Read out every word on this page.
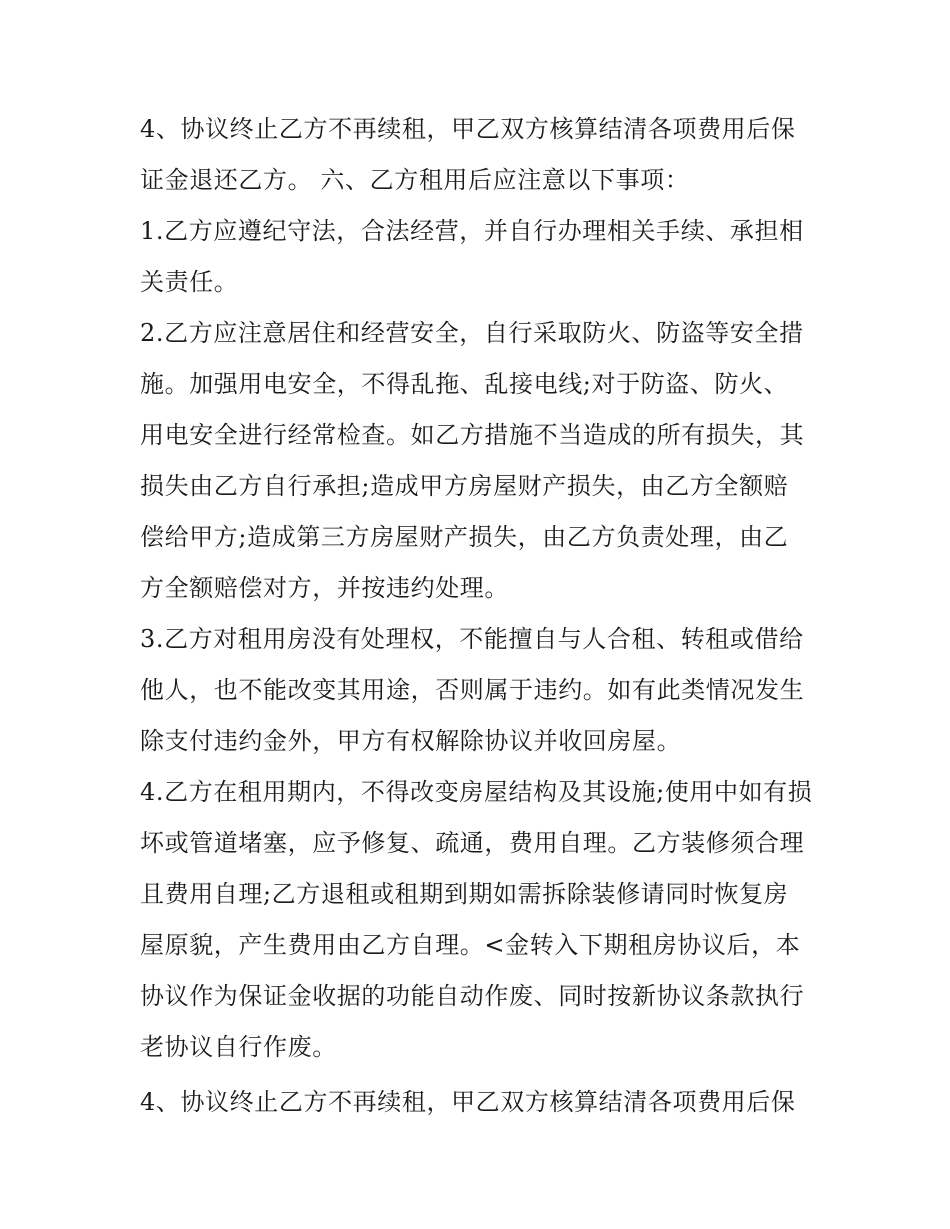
4、协议终止乙方不再续租，甲乙双方核算结清各项费用后保
证金退还乙方。 六、乙方租用后应注意以下事项：
1.乙方应遵纪守法，合法经营，并自行办理相关手续、承担相
关责任。
2.乙方应注意居住和经营安全，自行采取防火、防盗等安全措
施。加强用电安全，不得乱拖、乱接电线;对于防盗、防火、
用电安全进行经常检查。如乙方措施不当造成的所有损失，其
损失由乙方自行承担;造成甲方房屋财产损失，由乙方全额赔
偿给甲方;造成第三方房屋财产损失，由乙方负责处理，由乙
方全额赔偿对方，并按违约处理。
3.乙方对租用房没有处理权，不能擅自与人合租、转租或借给
他人，也不能改变其用途，否则属于违约。如有此类情况发生
除支付违约金外，甲方有权解除协议并收回房屋。
4.乙方在租用期内，不得改变房屋结构及其设施;使用中如有损
坏或管道堵塞，应予修复、疏通，费用自理。乙方装修须合理
且费用自理;乙方退租或租期到期如需拆除装修请同时恢复房
屋原貌，产生费用由乙方自理。<金转入下期租房协议后，本
协议作为保证金收据的功能自动作废、同时按新协议条款执行
老协议自行作废。
4、协议终止乙方不再续租，甲乙双方核算结清各项费用后保
